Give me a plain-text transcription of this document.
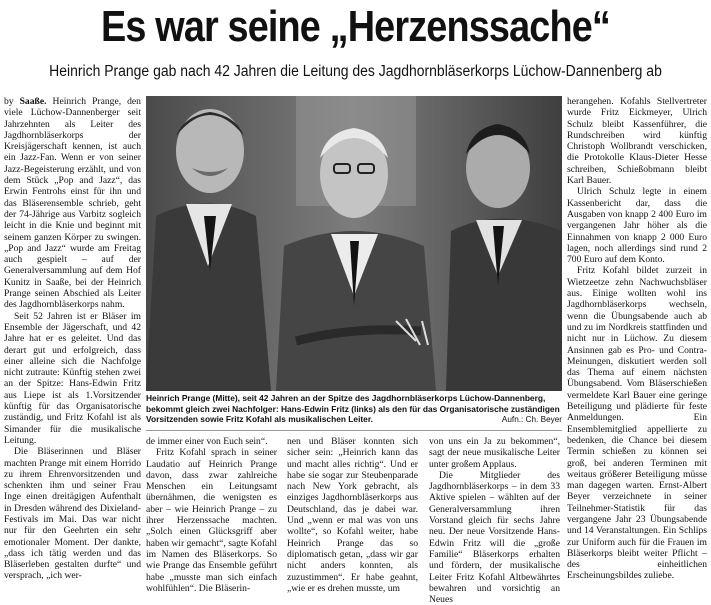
Es war seine „Herzenssache“
Heinrich Prange gab nach 42 Jahren die Leitung des Jagdhornbläserkorps Lüchow-Dannenberg ab

by Saaße. Heinrich Prange, den viele Lüchow-Dannenberger seit Jahrzehnten als Leiter des Jagdhornbläserkorps der Kreisjägerschaft kennen, ist auch ein Jazz-Fan. Wenn er von seiner Jazz-Begeisterung erzählt, und von dem Stück „Pop and Jazz“, das Erwin Fentrohs einst für ihn und das Bläserensemble schrieb, geht der 74-Jährige aus Varbitz sogleich leicht in die Knie und beginnt mit seinem ganzen Körper zu swingen. „Pop and Jazz“ wurde am Freitag auch gespielt – auf der Generalversammlung auf dem Hof Kunitz in Saaße, bei der Heinrich Prange seinen Abschied als Leiter des Jagdhornbläserkorps nahm.

Seit 52 Jahren ist er Bläser im Ensemble der Jägerschaft, und 42 Jahre hat er es geleitet. Und das derart gut und erfolgreich, dass einer alleine sich die Nachfolge nicht zutraute: Künftig stehen zwei an der Spitze: Hans-Edwin Fritz aus Liepe ist als 1.Vorsitzender künftig für das Organisatorische zuständig, und Fritz Kofahl ist als Simander für die musikalische Leitung.

Die Bläserinnen und Bläser machten Prange mit einem Horrido zu ihrem Ehrenvorsitzenden und schenkten ihm und seiner Frau Inge einen dreitägigen Aufenthalt in Dresden während des Dixieland-Festivals im Mai. Das war nicht nur für den Geehrten ein sehr emotionaler Moment. Der dankte, „dass ich tätig werden und das Bläserleben gestalten durfte“ und versprach, „ich wer-

Heinrich Prange (Mitte), seit 42 Jahren an der Spitze des Jagdhornbläserkorps Lüchow-Dannenberg, bekommt gleich zwei Nachfolger: Hans-Edwin Fritz (links) als den für das Organisatorische zuständigen Vorsitzenden sowie Fritz Kofahl als musikalischen Leiter.	Aufn.: Ch. Beyer

de immer einer von Euch sein“.

Fritz Kofahl sprach in seiner Laudatio auf Heinrich Prange davon, dass zwar zahlreiche Menschen ein Leitungsamt übernähmen, die wenigsten es aber – wie Heinrich Prange – zu ihrer Herzenssache machten. „Solch einen Glücksgriff aber haben wir gemacht“, sagte Kofahl im Namen des Bläserkorps. So wie Prange das Ensemble geführt habe „musste man sich einfach wohlfühlen“. Die Bläserin-

nen und Bläser konnten sich sicher sein: „Heinrich kann das und macht alles richtig“. Und er habe sie sogar zur Steubenparade nach New York gebracht, als einziges Jagdhornbläserkorps aus Deutschland, das je dabei war. Und „wenn er mal was von uns wollte“, so Kofahl weiter, habe Heinrich Prange das so diplomatisch getan, „dass wir gar nicht anders konnten, als zuzustimmen“. Er habe geahnt, „wie er es drehen musste, um

von uns ein Ja zu bekommen“, sagt der neue musikalische Leiter unter großem Applaus.

Die Mitglieder des Jagdhornbläserkorps – in dem 33 Aktive spielen – wählten auf der Generalversammlung ihren Vorstand gleich für sechs Jahre neu. Der neue Vorsitzende Hans-Edwin Fritz will die „große Familie“ Bläserkorps erhalten und fördern, der musikalische Leiter Fritz Kofahl Altbewährtes bewahren und vorsichtig an Neues

herangehen. Kofahls Stellvertreter wurde Fritz Eickmeyer, Ulrich Schulz bleibt Kassenführer, die Rundschreiben wird künftig Christoph Wollbrandt verschicken, die Protokolle Klaus-Dieter Hesse schreiben, Schießobmann bleibt Karl Bauer.

Ulrich Schulz legte in einem Kassenbericht dar, dass die Ausgaben von knapp 2 400 Euro im vergangenen Jahr höher als die Einnahmen von knapp 2 000 Euro lagen, noch allerdings sind rund 2 700 Euro auf dem Konto.

Fritz Kofahl bildet zurzeit in Wietzeetze zehn Nachwuchsbläser aus. Einige wollten wohl ins Jagdhornbläserkorps wechseln, wenn die Übungsabende auch ab und zu im Nordkreis stattfinden und nicht nur in Lüchow. Zu diesem Ansinnen gab es Pro- und Contra-Meinungen, diskutiert werden soll das Thema auf einem nächsten Übungsabend. Vom Bläserschießen vermeldete Karl Bauer eine geringe Beteiligung und plädierte für feste Anmeldungen. Ein Ensemblemitglied appellierte zu bedenken, die Chance bei diesem Termin schießen zu können sei groß, bei anderen Terminen mit weitaus größerer Beteiligung müsse man dagegen warten. Ernst-Albert Beyer verzeichnete in seiner Teilnehmer-Statistik für das vergangene Jahr 23 Übungsabende und 14 Veranstaltungen. Ein Schlips zur Uniform auch für die Frauen im Bläserkorps bleibt weiter Pflicht – des einheitlichen Erscheinungsbildes zuliebe.
